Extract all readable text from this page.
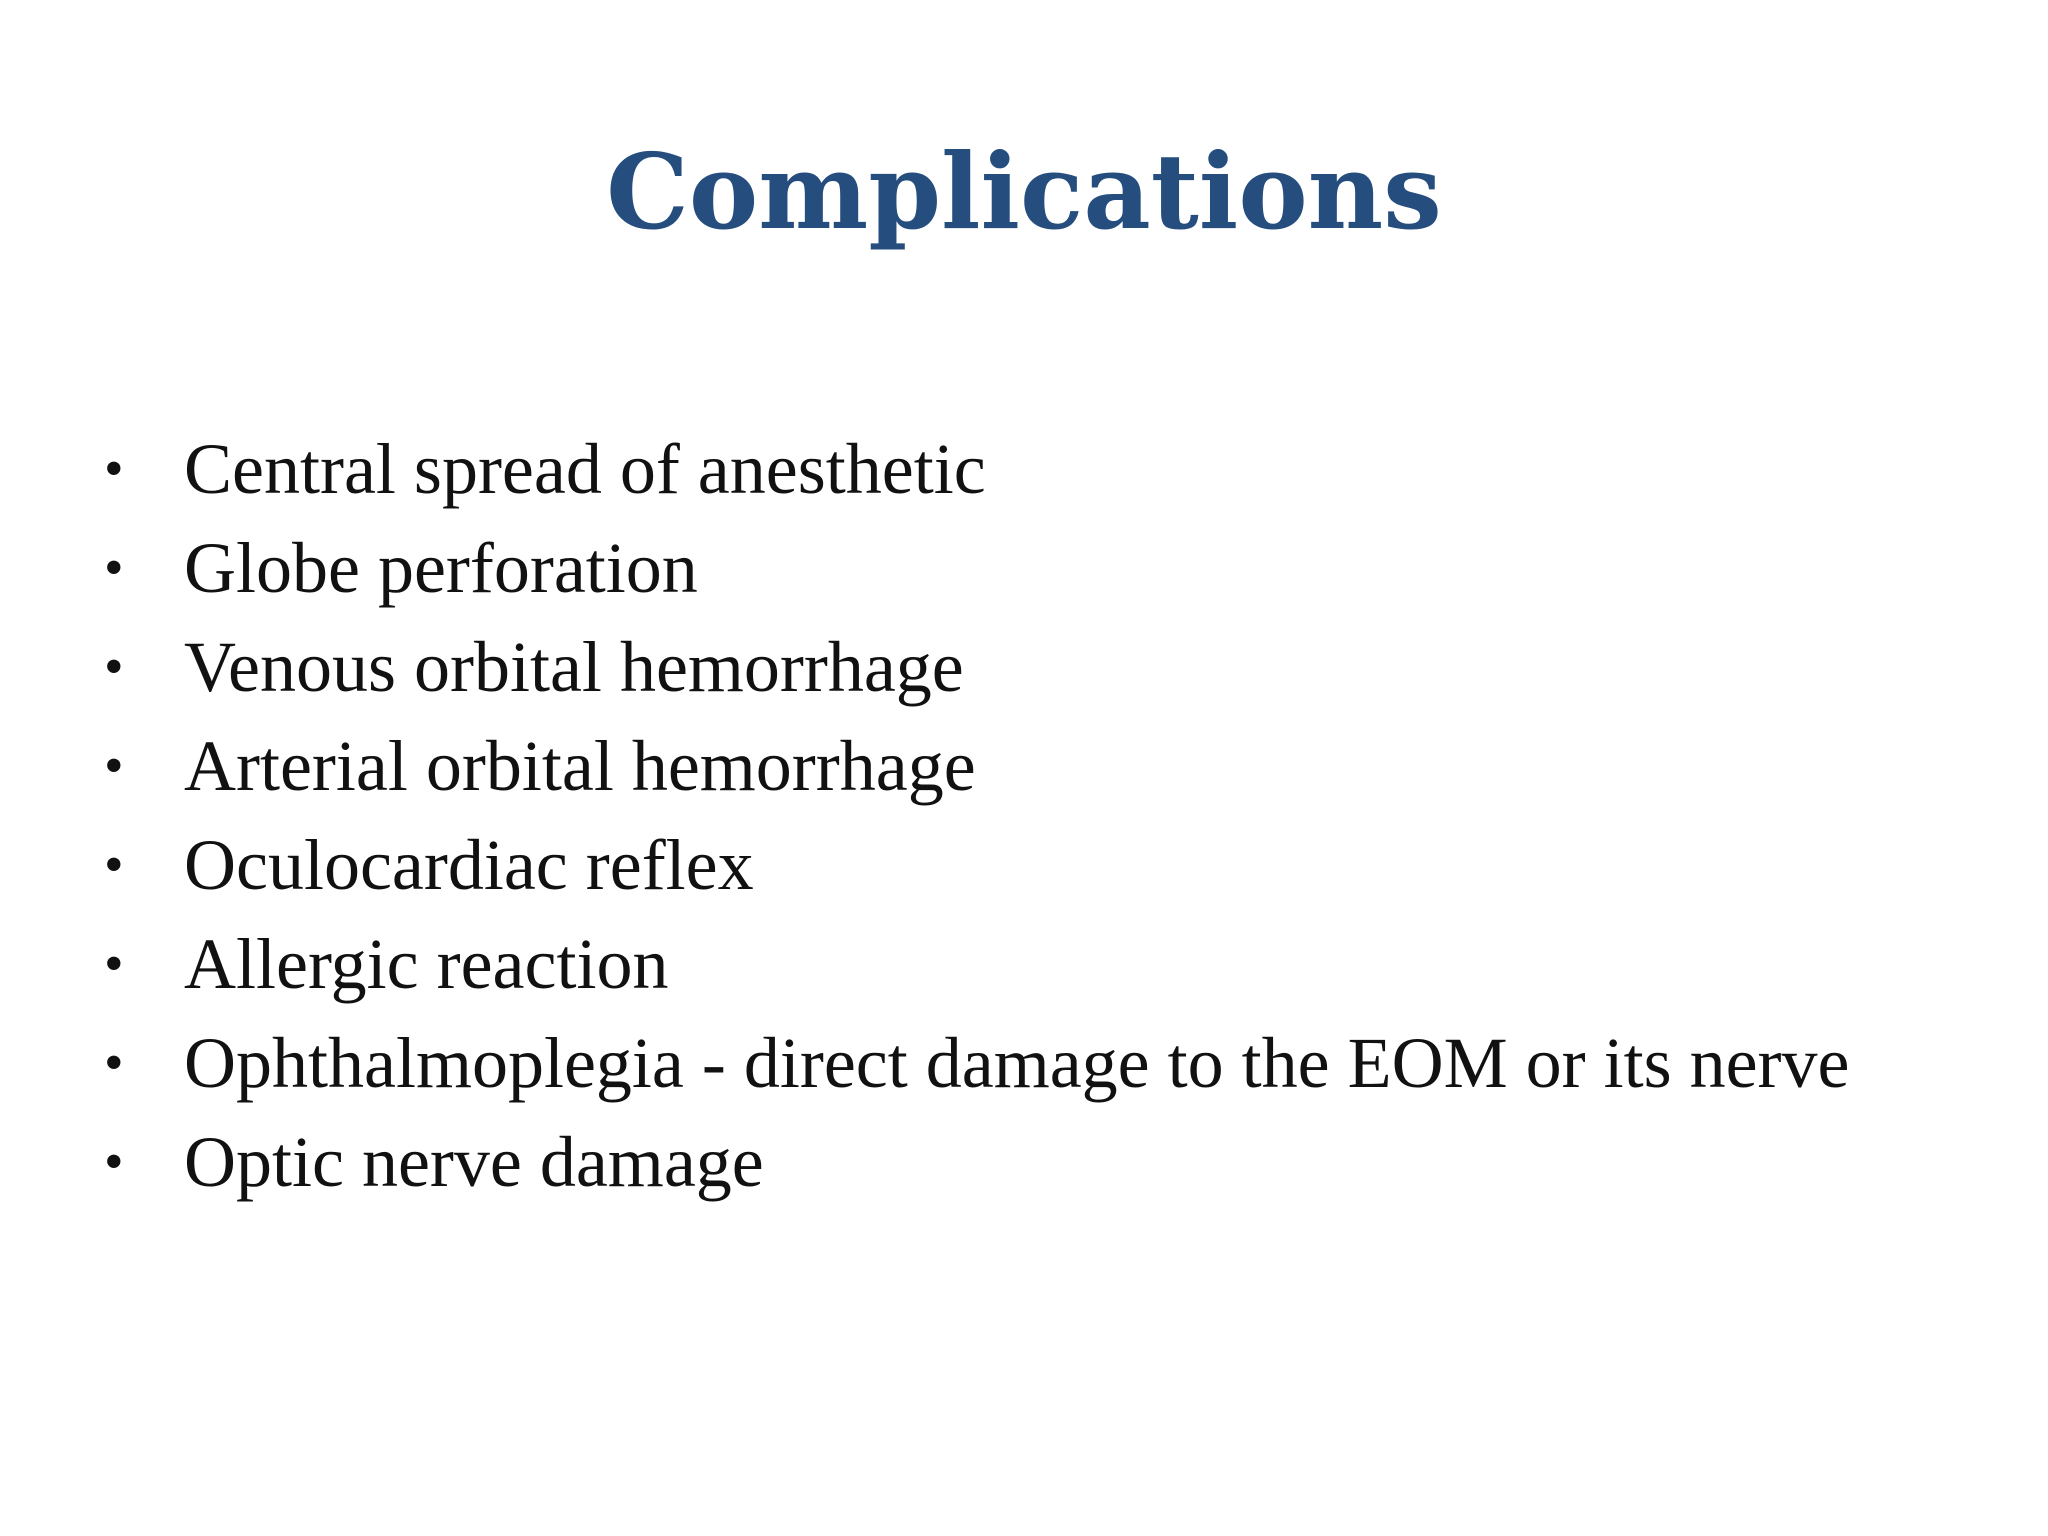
Complications
• Central spread of anesthetic
• Globe perforation
• Venous orbital hemorrhage
• Arterial orbital hemorrhage
• Oculocardiac reflex
• Allergic reaction
• Ophthalmoplegia - direct damage to the EOM or its nerve
• Optic nerve damage
